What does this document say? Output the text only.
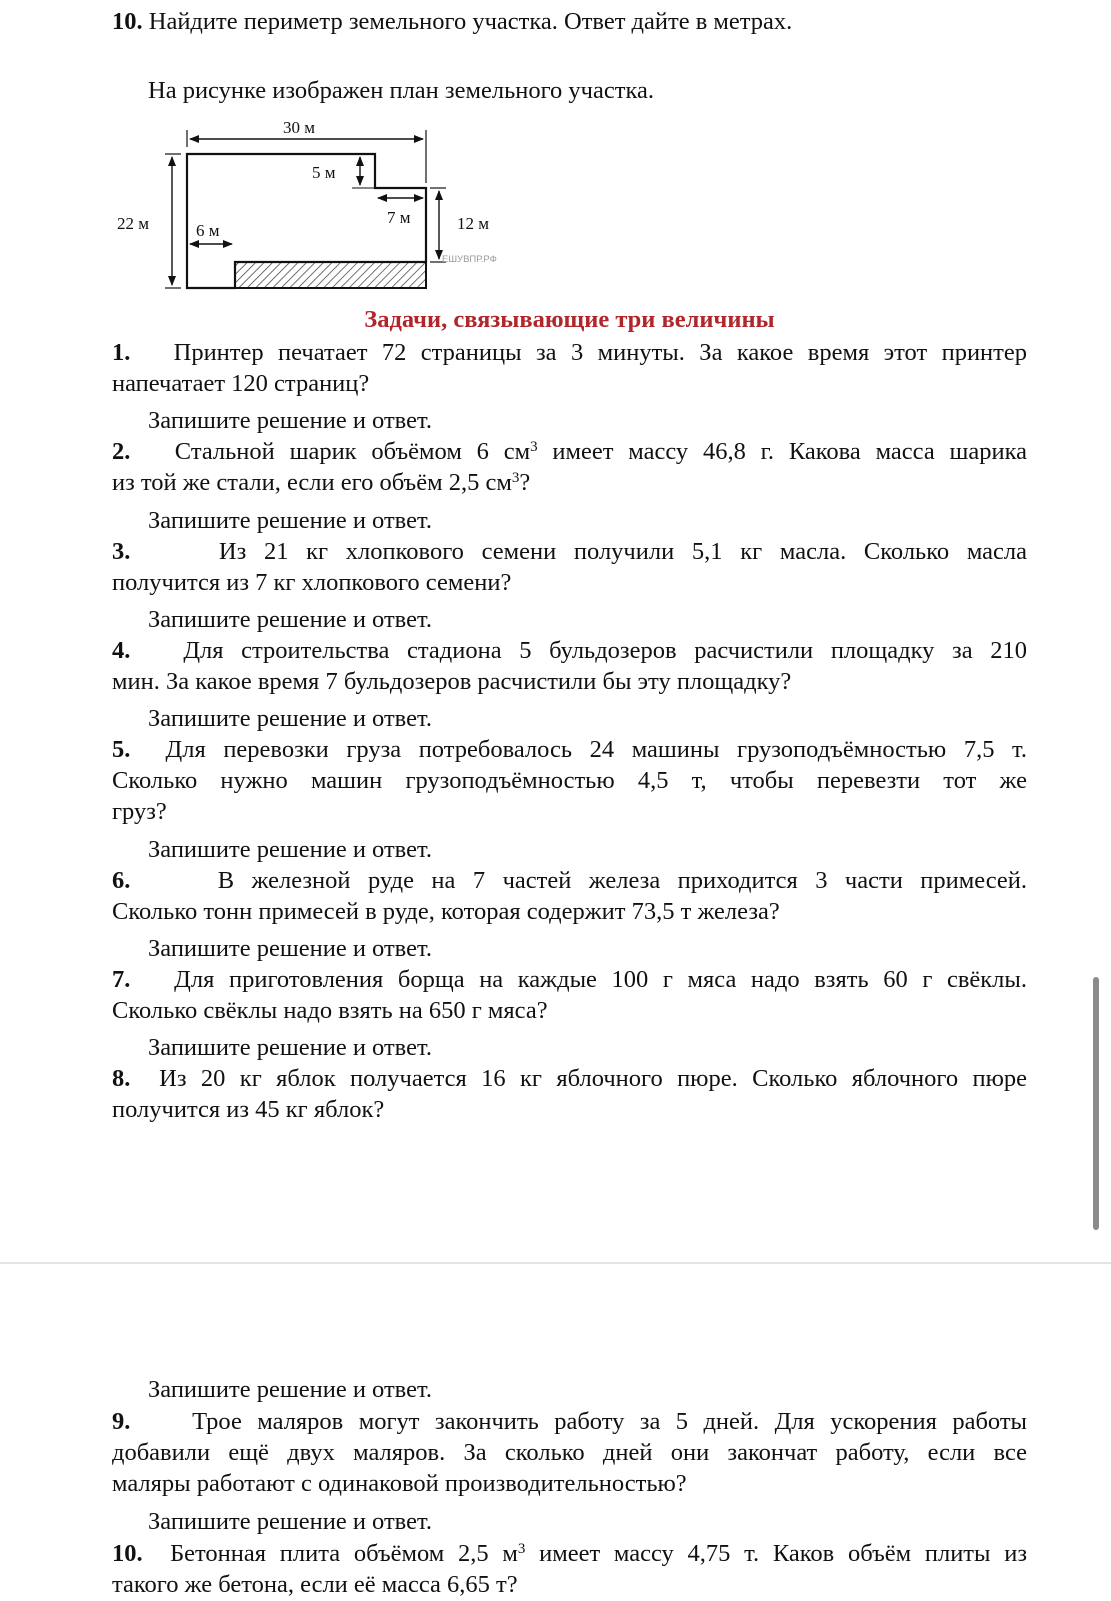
10. Найдите периметр земельного участка. Ответ дайте в метрах.
На рисунке изображен план земельного участка.
30 м
22 м
5 м
7 м	12 м
6 м
ЕШУВПР.РФ
Задачи, связывающие три величины
1. Принтер печатает 72 страницы за 3 минуты. За какое время этот принтер
напечатает 120 страниц?
Запишите решение и ответ.
2. Стальной шарик объёмом 6 $см^3$ имеет массу 46,8 г. Какова масса шарика
из той же стали, если его объём 2,5 $см^3$?
Запишите решение и ответ.
3.	Из 21 кг хлопкового семени получили 5,1 кг масла. Сколько масла
получится из 7 кг хлопкового семени?
Запишите решение и ответ.
4. Для строительства стадиона 5 бульдозеров расчистили площадку за 210
мин. За какое время 7 бульдозеров расчистили бы эту площадку?
Запишите решение и ответ.
5. Для перевозки груза потребовалось 24 машины грузоподъёмностью 7,5 т.
Сколько нужно машин грузоподъёмностью 4,5 т, чтобы перевезти тот же
груз?
Запишите решение и ответ.
6.	В железной руде на 7 частей железа приходится 3 части примесей.
Сколько тонн примесей в руде, которая содержит 73,5 т железа?
Запишите решение и ответ.
7. Для приготовления борща на каждые 100 г мяса надо взять 60 г свёклы.
Сколько свёклы надо взять на 650 г мяса?
Запишите решение и ответ.
8. Из 20 кг яблок получается 16 кг яблочного пюре. Сколько яблочного пюре
получится из 45 кг яблок?
Запишите решение и ответ.
9.	Трое маляров могут закончить работу за 5 дней. Для ускорения работы
добавили ещё двух маляров. За сколько дней они закончат работу, если все
маляры работают с одинаковой производительностью?
Запишите решение и ответ.
10. Бетонная плита объёмом 2,5 $м^3$ имеет массу 4,75 т. Каков объём плиты из
такого же бетона, если её масса 6,65 т?
